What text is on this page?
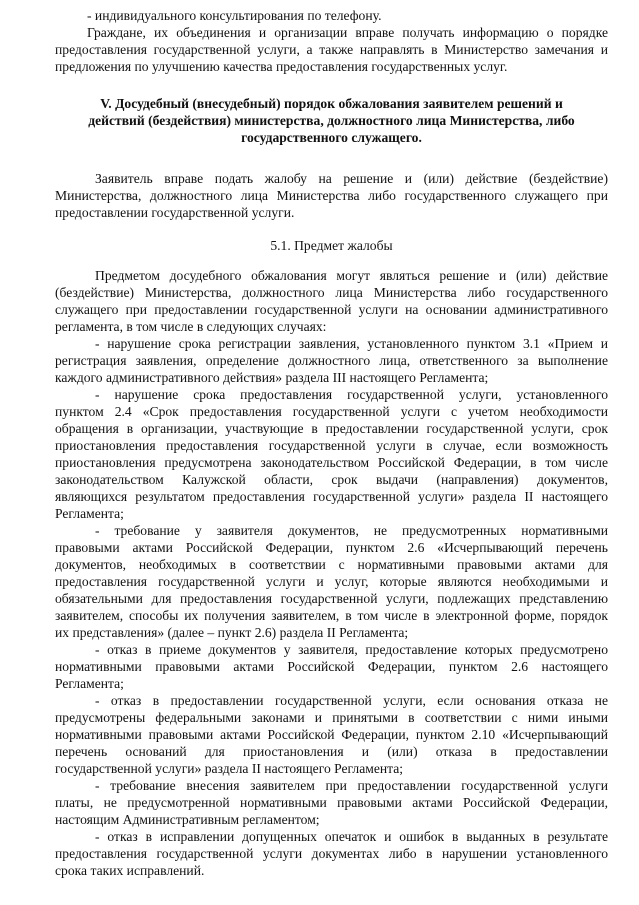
- индивидуального консультирования по телефону.
Граждане, их объединения и организации вправе получать информацию о порядке
предоставления государственной услуги, а также направлять в Министерство замечания и
предложения по улучшению качества предоставления государственных услуг.
V. Досудебный (внесудебный) порядок обжалования заявителем решений и
действий (бездействия) министерства, должностного лица Министерства, либо
государственного служащего.
Заявитель вправе подать жалобу на решение и (или) действие (бездействие)
Министерства, должностного лица Министерства либо государственного служащего при
предоставлении государственной услуги.
5.1. Предмет жалобы
Предметом досудебного обжалования могут являться решение и (или) действие
(бездействие) Министерства, должностного лица Министерства либо государственного
служащего при предоставлении государственной услуги на основании административного
регламента, в том числе в следующих случаях:
- нарушение срока регистрации заявления, установленного пунктом 3.1 «Прием и
регистрация заявления, определение должностного лица, ответственного за выполнение
каждого административного действия» раздела III настоящего Регламента;
- нарушение срока предоставления государственной услуги, установленного
пунктом 2.4 «Срок предоставления государственной услуги с учетом необходимости
обращения в организации, участвующие в предоставлении государственной услуги, срок
приостановления предоставления государственной услуги в случае, если возможность
приостановления предусмотрена законодательством Российской Федерации, в том числе
законодательством Калужской области, срок выдачи (направления) документов,
являющихся результатом предоставления государственной услуги» раздела II настоящего
Регламента;
- требование у заявителя документов, не предусмотренных нормативными
правовыми актами Российской Федерации, пунктом 2.6 «Исчерпывающий перечень
документов, необходимых в соответствии с нормативными правовыми актами для
предоставления государственной услуги и услуг, которые являются необходимыми и
обязательными для предоставления государственной услуги, подлежащих представлению
заявителем, способы их получения заявителем, в том числе в электронной форме, порядок
их представления» (далее – пункт 2.6) раздела II Регламента;
- отказ в приеме документов у заявителя, предоставление которых предусмотрено
нормативными правовыми актами Российской Федерации, пунктом 2.6 настоящего
Регламента;
- отказ в предоставлении государственной услуги, если основания отказа не
предусмотрены федеральными законами и принятыми в соответствии с ними иными
нормативными правовыми актами Российской Федерации, пунктом 2.10 «Исчерпывающий
перечень оснований для приостановления и (или) отказа в предоставлении
государственной услуги» раздела II настоящего Регламента;
- требование внесения заявителем при предоставлении государственной услуги
платы, не предусмотренной нормативными правовыми актами Российской Федерации,
настоящим Административным регламентом;
- отказ в исправлении допущенных опечаток и ошибок в выданных в результате
предоставления государственной услуги документах либо в нарушении установленного
срока таких исправлений.
